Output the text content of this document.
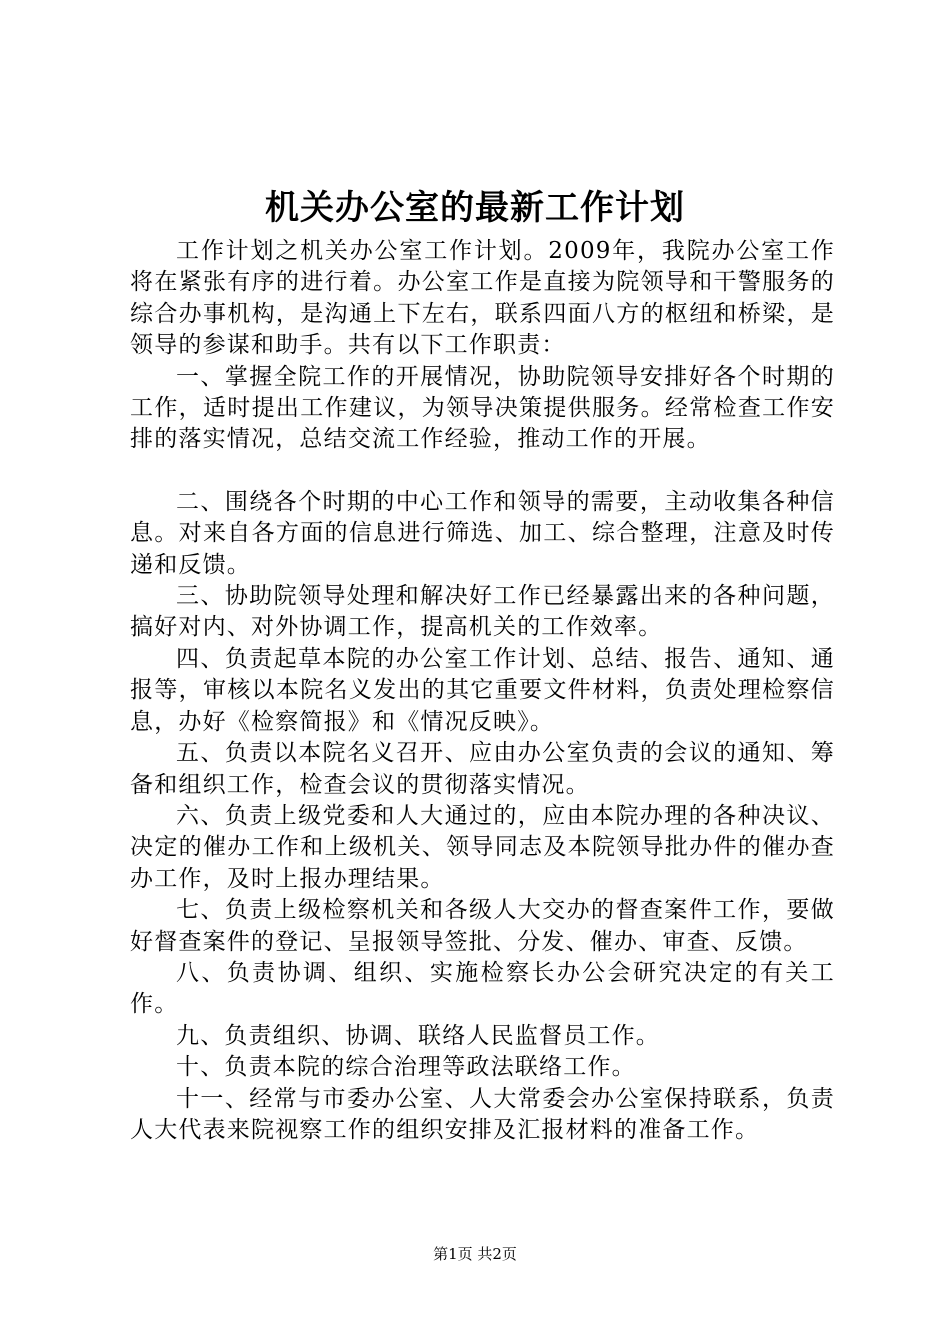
机关办公室的最新工作计划

工作计划之机关办公室工作计划。2009年，我院办公室工作将在紧张有序的进行着。办公室工作是直接为院领导和干警服务的综合办事机构，是沟通上下左右，联系四面八方的枢纽和桥梁，是领导的参谋和助手。共有以下工作职责：

一、掌握全院工作的开展情况，协助院领导安排好各个时期的工作，适时提出工作建议，为领导决策提供服务。经常检查工作安排的落实情况，总结交流工作经验，推动工作的开展。

二、围绕各个时期的中心工作和领导的需要，主动收集各种信息。对来自各方面的信息进行筛选、加工、综合整理，注意及时传递和反馈。

三、协助院领导处理和解决好工作已经暴露出来的各种问题，搞好对内、对外协调工作，提高机关的工作效率。

四、负责起草本院的办公室工作计划、总结、报告、通知、通报等，审核以本院名义发出的其它重要文件材料，负责处理检察信息，办好《检察简报》和《情况反映》。

五、负责以本院名义召开、应由办公室负责的会议的通知、筹备和组织工作，检查会议的贯彻落实情况。

六、负责上级党委和人大通过的，应由本院办理的各种决议、决定的催办工作和上级机关、领导同志及本院领导批办件的催办查办工作，及时上报办理结果。

七、负责上级检察机关和各级人大交办的督查案件工作，要做好督查案件的登记、呈报领导签批、分发、催办、审查、反馈。

八、负责协调、组织、实施检察长办公会研究决定的有关工作。

九、负责组织、协调、联络人民监督员工作。

十、负责本院的综合治理等政法联络工作。

十一、经常与市委办公室、人大常委会办公室保持联系，负责人大代表来院视察工作的组织安排及汇报材料的准备工作。

第1页 共2页
